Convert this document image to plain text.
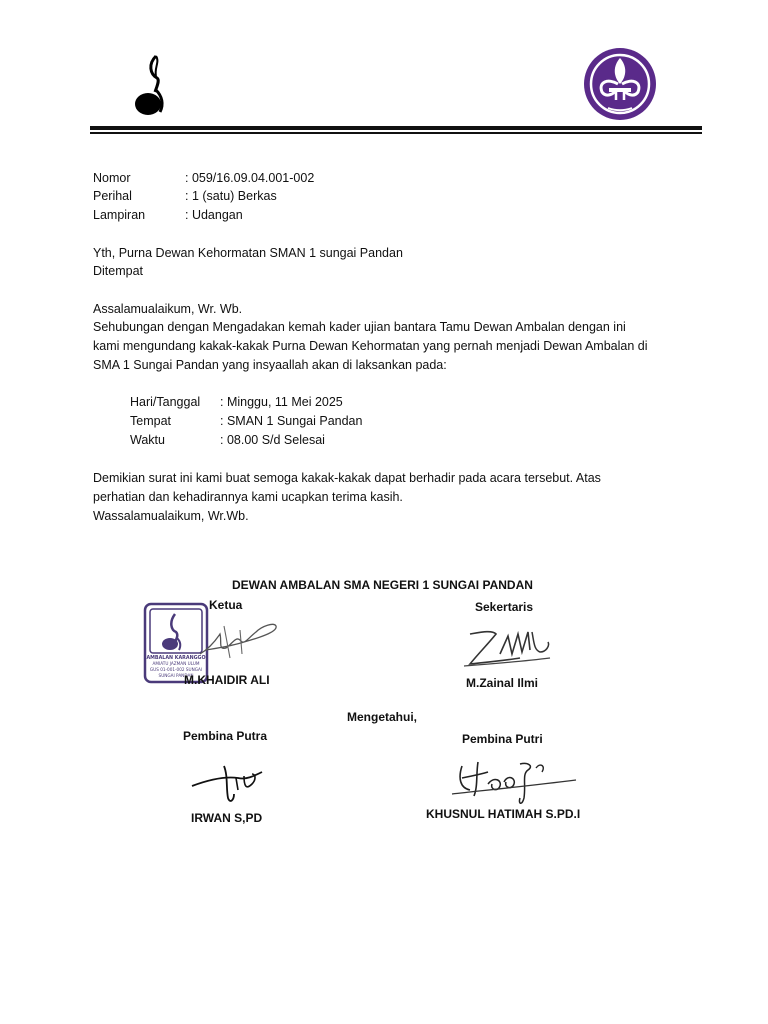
Nomor	: 059/16.09.04.001-002
Perihal	: 1 (satu) Berkas
Lampiran	: Udangan
Yth, Purna Dewan Kehormatan SMAN 1 sungai Pandan
Ditempat
Assalamualaikum, Wr. Wb.
Sehubungan dengan Mengadakan kemah kader ujian bantara Tamu Dewan Ambalan dengan ini
kami mengundang kakak-kakak Purna Dewan Kehormatan yang pernah menjadi Dewan Ambalan di
SMA 1 Sungai Pandan yang insyaallah akan di laksankan pada:
Hari/Tanggal : Minggu, 11 Mei 2025
Tempat	: SMAN 1 Sungai Pandan
Waktu	: 08.00 S/d Selesai
Demikian surat ini kami buat semoga kakak-kakak dapat berhadir pada acara tersebut. Atas
perhatian dan kehadirannya kami ucapkan terima kasih.
Wassalamualaikum, Wr.Wb.
DEWAN AMBALAN SMA NEGERI 1 SUNGAI PANDAN
Ketua	Sekertaris
AMBALAN KARANGGO
AMIATU JAZMAN ULUM
GUS 01-001-002 SUNGAI
SUNGAI PANDAN
M.KHAIDIR ALI	M.Zainal Ilmi
Mengetahui,
Pembina Putra	Pembina Putri
IRWAN S,PD	KHUSNUL HATIMAH S.PD.I
